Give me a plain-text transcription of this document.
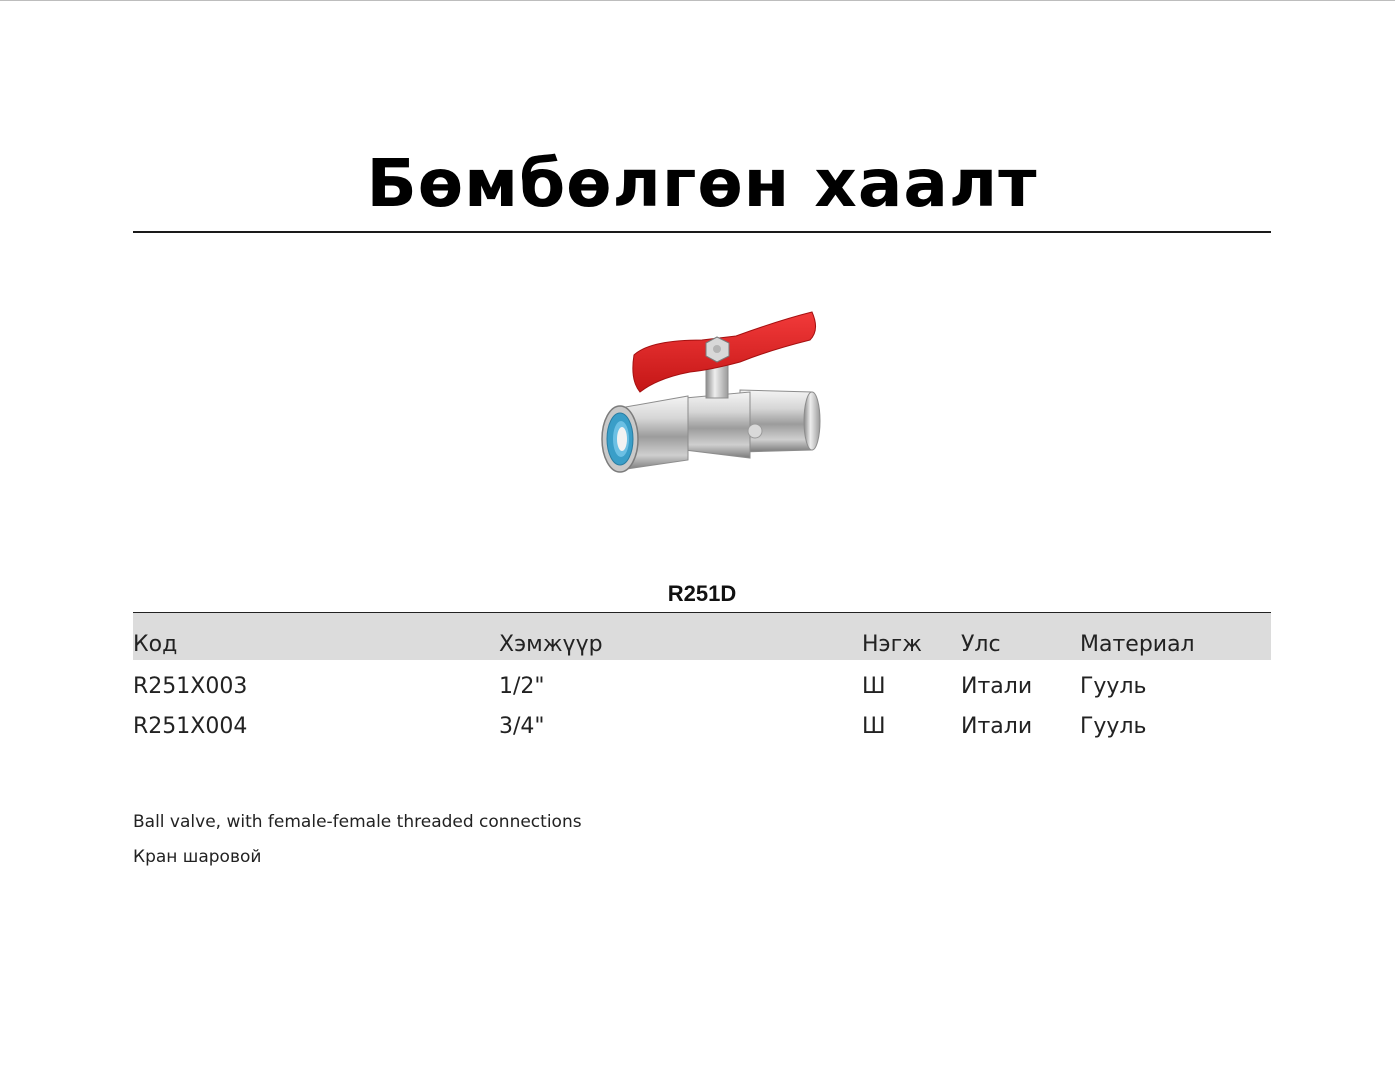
Бөмбөлгөн хаалт
R251D
Код	Хэмжүүр	Нэгж	Улс	Материал
R251X003	1/2"	Ш	Итали	Гууль
R251X004	3/4"	Ш	Итали	Гууль
Ball valve, with female-female threaded connections
Кран шаровой
